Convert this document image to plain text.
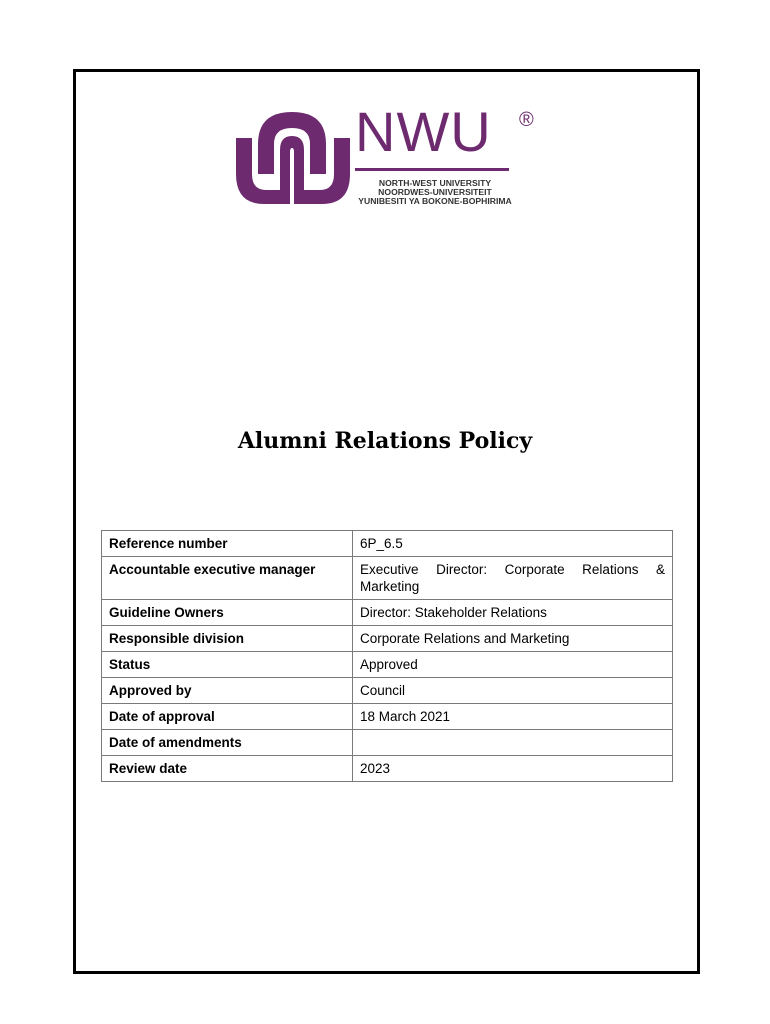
NWU ®
NORTH-WEST UNIVERSITY
NOORDWES-UNIVERSITEIT
YUNIBESITI YA BOKONE-BOPHIRIMA
Alumni Relations Policy
Reference number	6P_6.5
Accountable executive manager	Executive Director: Corporate Relations & Marketing
Guideline Owners	Director: Stakeholder Relations
Responsible division	Corporate Relations and Marketing
Status	Approved
Approved by	Council
Date of approval	18 March 2021
Date of amendments	
Review date	2023
